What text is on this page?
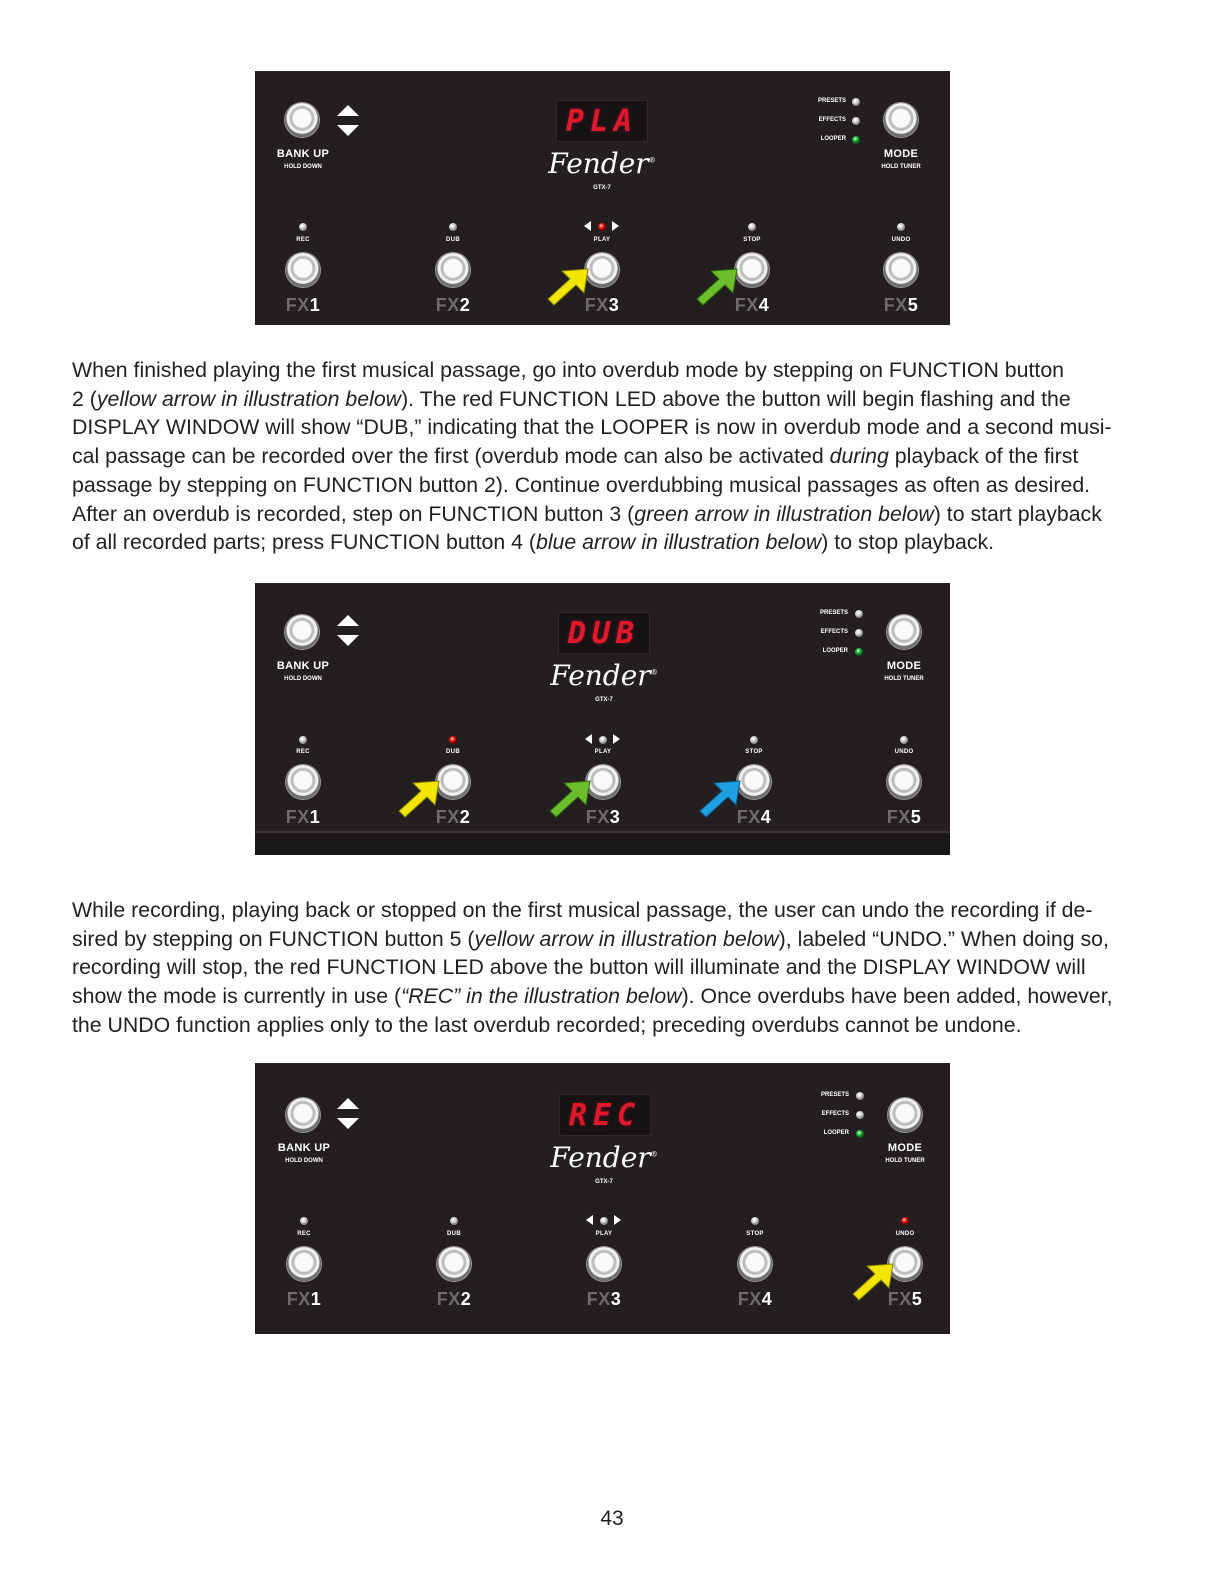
BANK UP
HOLD DOWN
PLA
Fender®
GTX-7
PRESETS
EFFECTS
LOOPER
MODE
HOLD TUNER
REC
FX1
DUB
FX2
PLAY
FX3
STOP
FX4
UNDO
FX5
When finished playing the first musical passage, go into overdub mode by stepping on FUNCTION button
2 (yellow arrow in illustration below). The red FUNCTION LED above the button will begin flashing and the
DISPLAY WINDOW will show “DUB,” indicating that the LOOPER is now in overdub mode and a second musi-
cal passage can be recorded over the first (overdub mode can also be activated during playback of the first
passage by stepping on FUNCTION button 2). Continue overdubbing musical passages as often as desired.
After an overdub is recorded, step on FUNCTION button 3 (green arrow in illustration below) to start playback
of all recorded parts; press FUNCTION button 4 (blue arrow in illustration below) to stop playback.
BANK UP
HOLD DOWN
DUB
Fender®
GTX-7
PRESETS
EFFECTS
LOOPER
MODE
HOLD TUNER
REC
FX1
DUB
FX2
PLAY
FX3
STOP
FX4
UNDO
FX5
While recording, playing back or stopped on the first musical passage, the user can undo the recording if de-
sired by stepping on FUNCTION button 5 (yellow arrow in illustration below), labeled “UNDO.” When doing so,
recording will stop, the red FUNCTION LED above the button will illuminate and the DISPLAY WINDOW will
show the mode is currently in use (“REC” in the illustration below). Once overdubs have been added, however,
the UNDO function applies only to the last overdub recorded; preceding overdubs cannot be undone.
BANK UP
HOLD DOWN
REC
Fender®
GTX-7
PRESETS
EFFECTS
LOOPER
MODE
HOLD TUNER
REC
FX1
DUB
FX2
PLAY
FX3
STOP
FX4
UNDO
FX5
43
